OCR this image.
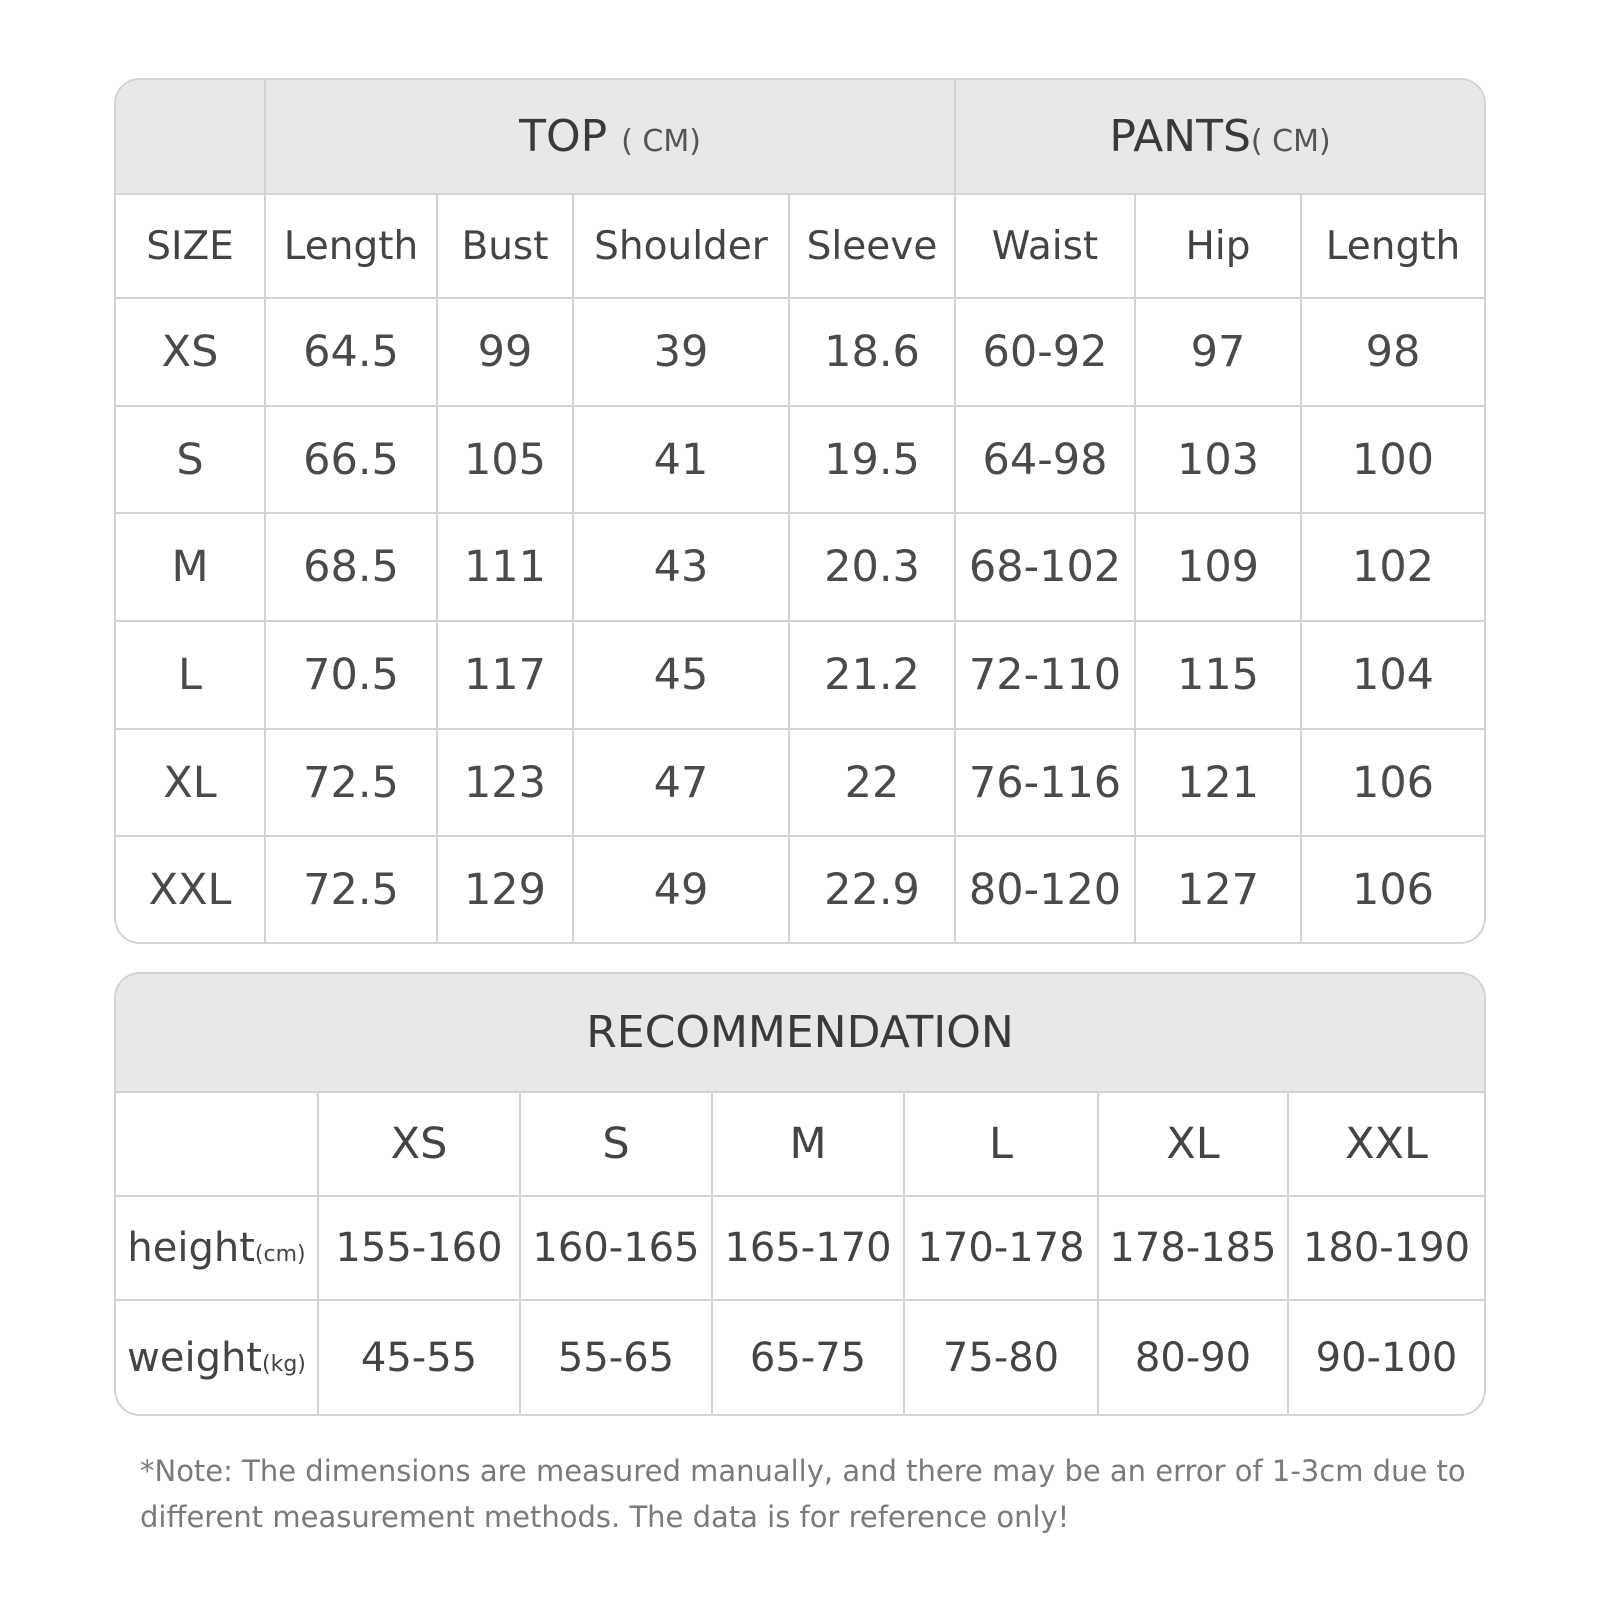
	TOP ( CM)				PANTS( CM)		
SIZE	Length	Bust	Shoulder	Sleeve	Waist	Hip	Length
XS	64.5	99	39	18.6	60-92	97	98
S	66.5	105	41	19.5	64-98	103	100
M	68.5	111	43	20.3	68-102	109	102
L	70.5	117	45	21.2	72-110	115	104
XL	72.5	123	47	22	76-116	121	106
XXL	72.5	129	49	22.9	80-120	127	106
RECOMMENDATION						
	XS	S	M	L	XL	XXL
height(cm)	155-160	160-165	165-170	170-178	178-185	180-190
weight(kg)	45-55	55-65	65-75	75-80	80-90	90-100
*Note: The dimensions are measured manually, and there may be an error of 1-3cm due to different measurement methods. The data is for reference only!
